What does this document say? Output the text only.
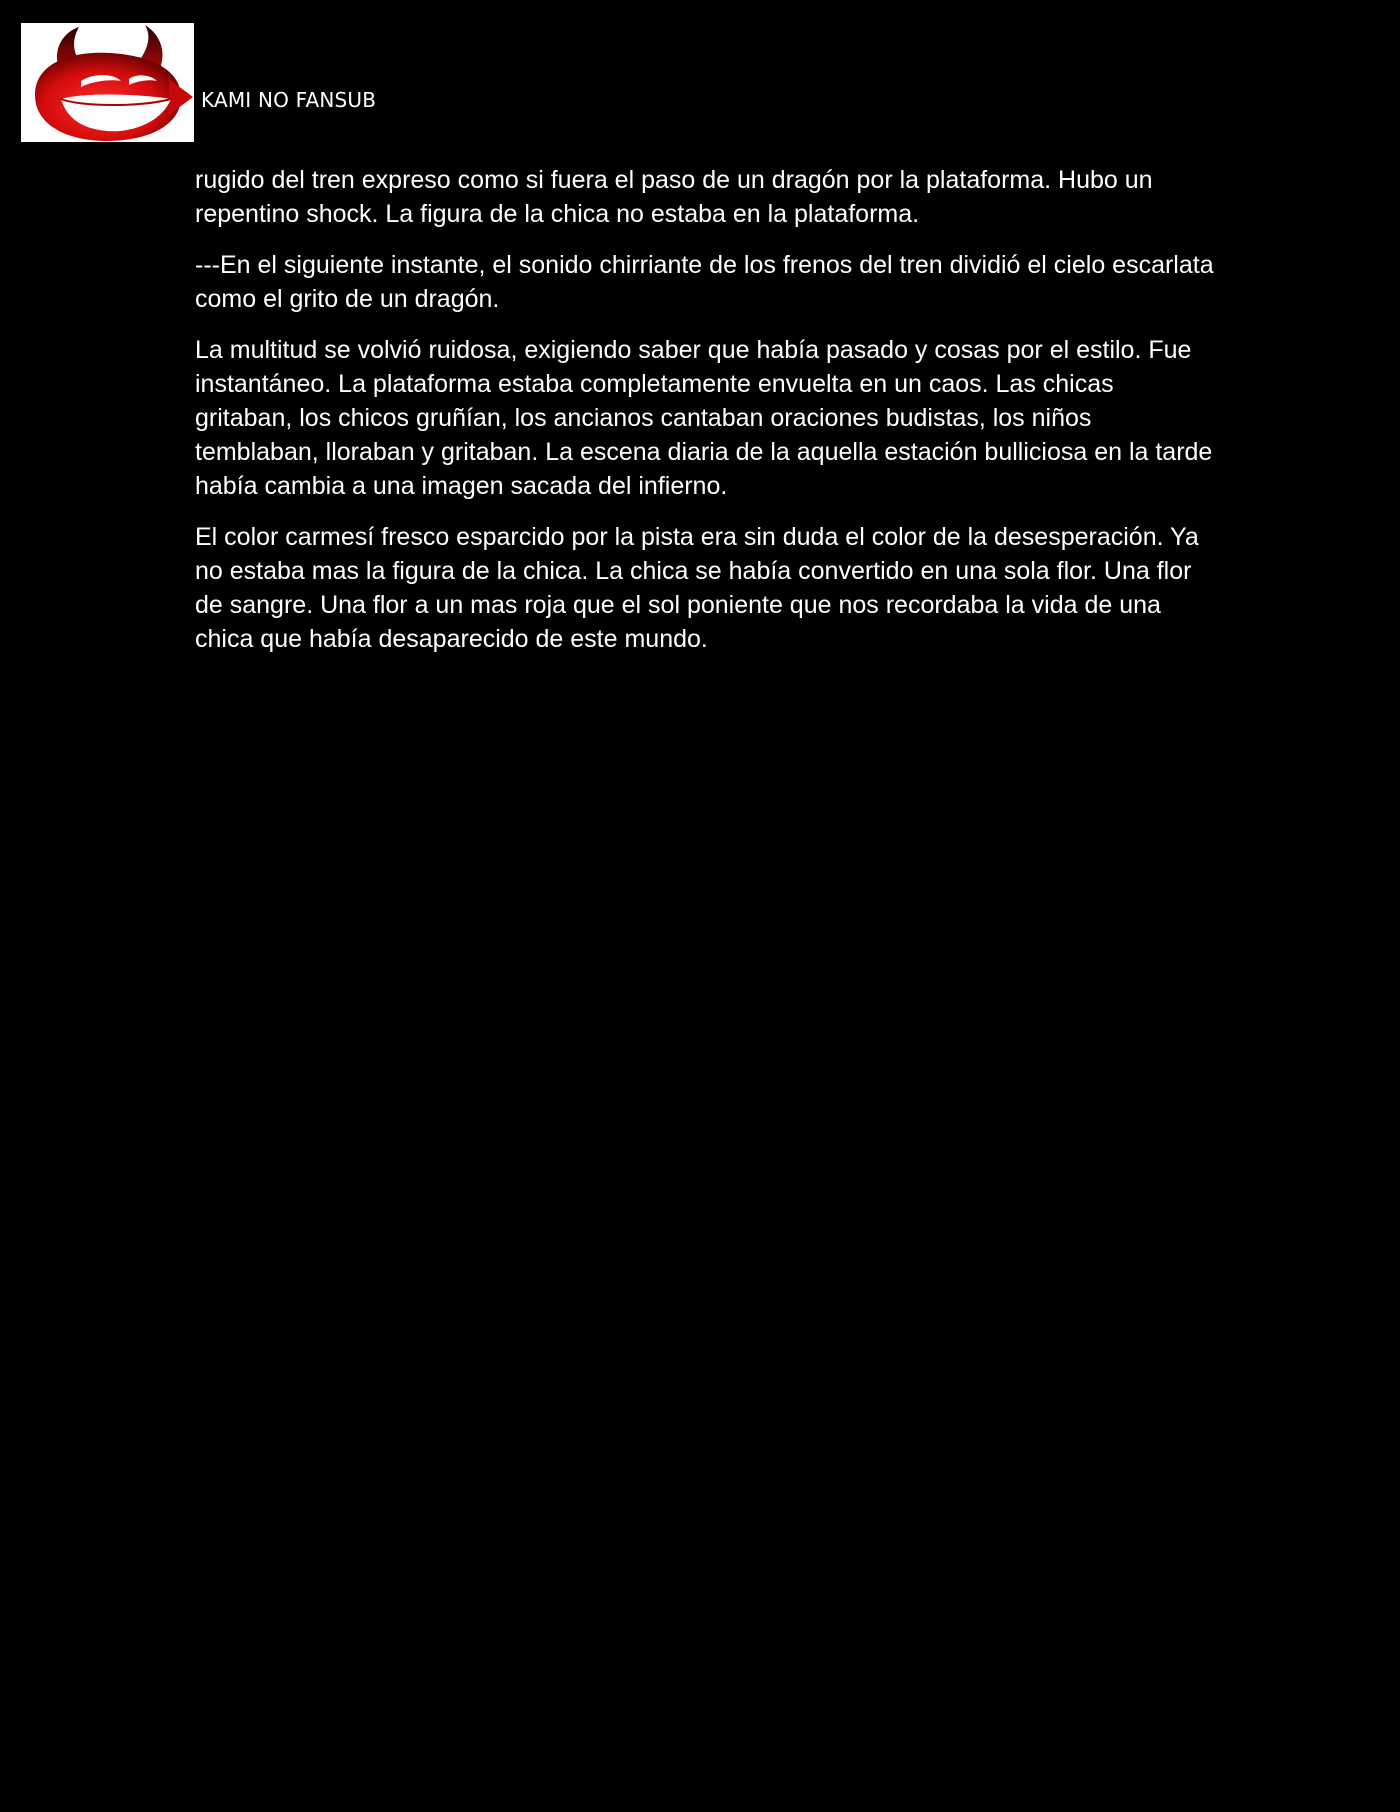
KAMI NO FANSUB

rugido del tren expreso como si fuera el paso de un dragón por la plataforma. Hubo un repentino shock. La figura de la chica no estaba en la plataforma.

---En el siguiente instante, el sonido chirriante de los frenos del tren dividió el cielo escarlata como el grito de un dragón.

La multitud se volvió ruidosa, exigiendo saber que había pasado y cosas por el estilo. Fue instantáneo. La plataforma estaba completamente envuelta en un caos. Las chicas gritaban, los chicos gruñían, los ancianos cantaban oraciones budistas, los niños temblaban, lloraban y gritaban. La escena diaria de la aquella estación bulliciosa en la tarde había cambia a una imagen sacada del infierno.

El color carmesí fresco esparcido por la pista era sin duda el color de la desesperación. Ya no estaba mas la figura de la chica. La chica se había convertido en una sola flor. Una flor de sangre. Una flor a un mas roja que el sol poniente que nos recordaba la vida de una chica que había desaparecido de este mundo.
